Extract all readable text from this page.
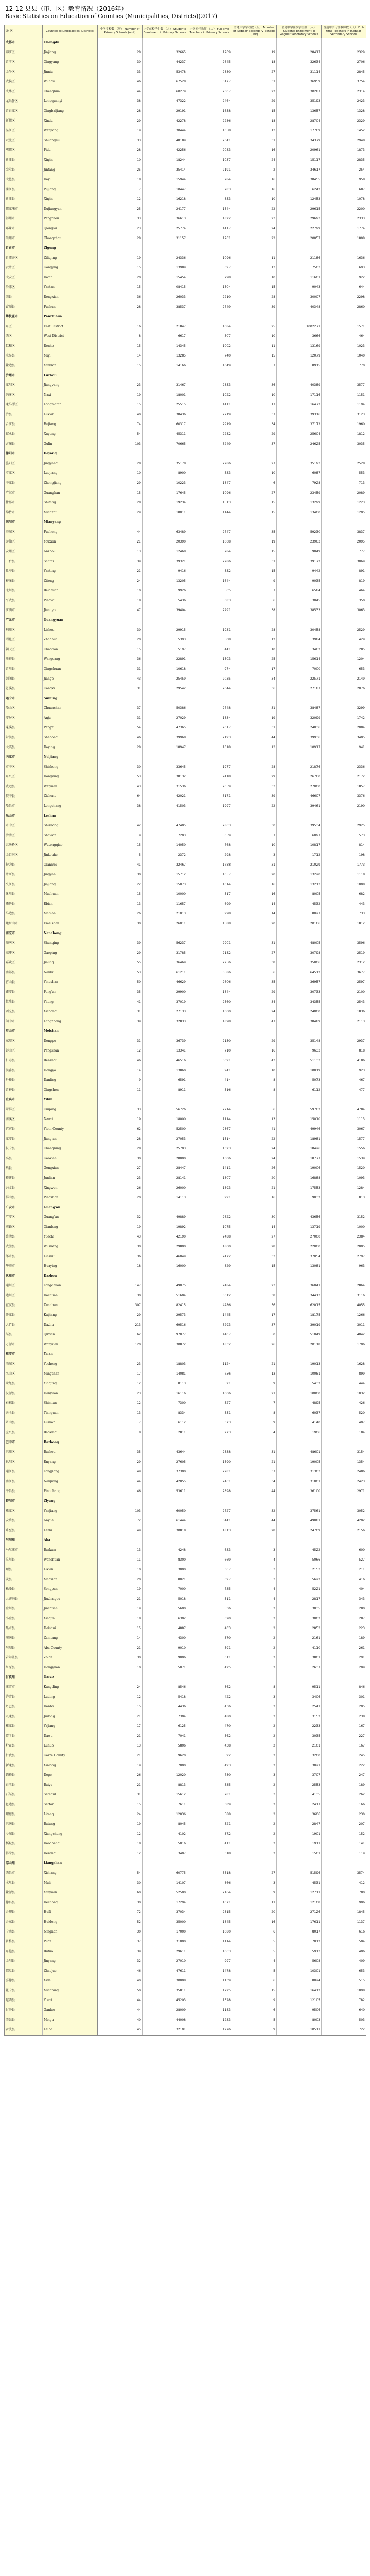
12-12 县县（市、区）教育情况（2016年）
Basic Statistics on Education of Counties (Municipalities, Districts)(2017)
地 区	Counties (Municipalities, Districts)	小学学校数 （所） Number of Primary Schools (unit)	小学在校学生数 （人） Students Enrollment in Primary Schools	小学专任教师 （人） Full-time Teachers in Primary Schools	普通中学学校数（所） Number of Regular Secondary Schools (unit)	普通中学在校学生数 （人） Students Enrollment in Regular Secondary Schools	普通中学专任教师数（人） Full-time Teachers in Regular Secondary Schools
成都市	Chengdu						
锦江区	Jinjiang	28	32665	1769	19	28417	2329
青羊区	Qingyang	30	44237	2645	18	32634	2706
金牛区	Jinniu	33	53478	2880	27	31114	2845
武侯区	Wuhou	46	67528	3177	31	36959	3754
成华区	Chenghua	44	60279	2607	22	30287	2314
龙泉驿区	Longquanyi	38	47322	2464	29	35193	2423
青白江区	Qingbaijiang	28	29191	1658	15	13657	1328
新都区	Xindu	29	42278	2286	18	28704	2329
温江区	Wenjiang	19	30444	1658	13	17769	1452
双流区	Shuangliu	33	48189	2641	31	34379	2948
郫都区	Pidu	28	42256	2083	16	20961	1873
新津县	Xinjin	10	18244	1037	24	15117	2835
金堂县	Jintang	25	35414	2191	2	34617	254
大邑县	Dayi	18	15944	784	16	38455	958
蒲江县	Pujiang	7	10447	783	16	6242	687
新津县	Xinjin	12	16218	853	10	12453	1078
都江堰市	Dujiangyan	25	24177	1544	22	29615	2200
彭州市	Pengzhou	33	36613	1822	23	29693	2333
邛崃市	Qionglai	23	25774	1417	24	22799	1774
崇州市	Chongzhou	28	31157	1761	22	20057	1808
自贡市	Zigong						
自流井区	Ziliujing	19	24336	1096	11	21186	1636
贡井区	Gongjing	15	13989	697	13	7503	693
大安区	Da'an	20	15454	798	10	11601	922
沿滩区	Yantan	15	08415	1504	15	9043	644
荣县	Rongxian	36	26033	2210	28	30007	2298
富顺县	Fushun	28	38537	2749	39	40348	2860
攀枝花市	Panzhihua						
东区	East District	16	21847	1084	25	1002271	1571
西区	West District	8	6617	507	10	3666	464
仁和区	Renhe	15	14345	1002	11	13169	1023
米易县	Miyi	14	13285	740	15	12079	1040
盐边县	Yanbian	15	14166	1049	7	8915	770
泸州市	Luzhou						
江阳区	Jiangyang	23	31467	2353	36	40389	3577
纳溪区	Naxi	19	18001	1022	10	17116	1151
龙马潭区	Longmatan	15	25515	1411	17	16472	1194
泸县	Luxian	40	38436	2719	37	39316	3123
合江县	Hejiang	74	60317	2919	34	37172	1960
叙永县	Xuyong	54	45311	2282	29	25604	1812
古蔺县	Gulin	103	70665	3249	37	24625	3035
德阳市	Deyang						
旌阳区	Jingyang	28	35178	2286	27	35193	2528
罗江区	Luojiang	10	8900	533	10	6087	553
中江县	Zhongjiang	29	10223	1847	6	7928	713
广汉市	Guanghan	15	17645	1096	27	23459	2089
什邡市	Shifang	28	19234	1513	15	13299	1223
绵竹市	Mianzhu	29	18011	1144	15	13400	1205
绵阳市	Mianyang						
涪城区	Fucheng	44	63489	2747	35	59230	3837
游仙区	Youxian	21	20390	1008	19	23963	2095
安州区	Anzhou	13	12468	784	15	9049	777
三台县	Santai	39	39321	2286	31	39172	3069
盐亭县	Yanting	21	9416	832	15	9442	891
梓潼县	Zitong	24	13205	1644	9	9035	819
北川县	Beichuan	10	9926	565	7	6584	464
平武县	Pingwu	18	5436	683	6	3045	350
江油市	Jiangyou	47	39404	2291	38	38533	3063
广元市	Guangyuan						
利州区	Lizhou	30	29915	1931	28	30458	2529
昭化区	Zhaohua	20	5393	508	12	3984	429
朝天区	Chaotian	15	5197	441	10	3462	285
旺苍县	Wangcang	36	22891	1503	25	15614	1204
青川县	Qingchuan	31	10618	974	17	7000	653
剑阁县	Jiange	43	25459	2035	34	22571	2149
苍溪县	Cangxi	31	29542	2044	36	27187	2076
遂宁市	Suining						
船山区	Chuanshan	37	50386	2748	31	38487	3299
安居区	Anju	31	27029	1834	19	32099	1742
蓬溪县	Pengxi	54	47365	2017	31	24036	2084
射洪县	Shehong	46	39968	2193	44	39936	3405
大英县	Daying	28	18947	1018	13	10917	941
内江市	Neijiang						
市中区	Shizhong	30	33645	1977	28	21876	2336
东兴区	Dongxing	53	38132	2418	29	26760	2172
威远县	Weiyuan	43	31536	2059	33	27000	1857
资中县	Zizhong	64	42021	3171	39	46607	3376
隆昌市	Longchang	38	41503	1997	22	39461	2190
乐山市	Leshan						
市中区	Shizhong	42	47405	2863	30	39534	2925
沙湾区	Shawan	9	7203	659	7	6097	573
五通桥区	Wutongqiao	15	14050	768	10	10817	814
金口河区	Jinkouhe	5	2372	298	3	1712	198
犍为县	Qianwei	41	32467	1788	31	21029	1773
井研县	Jingyan	30	15712	1057	20	13220	1118
夹江县	Jiajiang	22	15073	1014	16	13213	1008
沐川县	Muchuan	15	10000	517	16	8005	682
峨边县	Ebian	13	11657	699	14	4532	443
马边县	Mabian	26	21013	998	14	8027	733
峨眉山市	Emeishan	30	26011	1588	20	20166	1812
南充市	Nanchong						
顺庆区	Shunqing	39	56237	2901	31	48005	3596
高坪区	Gaoping	29	31785	2182	27	30798	2519
嘉陵区	Jialing	55	36469	2256	38	35006	2312
南部县	Nanbu	53	61211	3586	56	64512	3677
营山县	Yingshan	50	46629	2606	35	36957	2597
蓬安县	Peng'an	35	29900	1844	29	30733	2100
仪陇县	Yilong	41	37019	2560	34	34355	2543
西充县	Xichong	31	27133	1600	24	24000	1836
阆中市	Langzhong	39	32833	1898	47	38489	2113
眉山市	Meishan						
东坡区	Dongpo	31	36739	2150	29	35148	2937
彭山区	Pengshan	12	13341	710	16	9633	818
仁寿县	Renshou	46	46516	3091	43	51133	4186
洪雅县	Hongya	14	13860	941	10	10019	923
丹棱县	Danling	9	6591	414	8	5073	467
青神县	Qingshen	11	8911	516	8	6112	477
宜宾市	Yibin						
翠屏区	Cuiping	33	56726	2714	56	59762	4784
南溪区	Nanxi	19	18000	1114	13	15010	1113
宜宾县	Yibin County	62	52500	2867	41	49946	3067
江安县	Jiang'an	28	27053	1514	22	18981	1577
长宁县	Changning	28	25703	1323	24	18426	1556
高县	Gaoxian	30	28000	1606	24	18777	1539
珙县	Gongxian	27	28447	1411	26	19006	1520
筠连县	Junlian	23	28141	1307	20	16888	1093
兴文县	Xingwen	26	26000	1393	21	17553	1284
屏山县	Pingshan	20	14113	991	16	9032	813
广安市	Guang'an						
广安区	Guang'an	32	49889	2622	30	43656	3152
前锋区	Qianfeng	19	19892	1075	14	13719	1000
岳池县	Yuechi	43	42190	2488	27	27000	2384
武胜县	Wusheng	30	29800	1800	28	22000	2005
邻水县	Linshui	36	46049	2472	33	37054	2797
华蓥市	Huaying	18	16000	829	15	13081	963
达州市	Dazhou						
通川区	Tongchuan	147	49075	2484	23	36041	2864
达川区	Dachuan	30	51604	3312	38	34413	3116
宣汉县	Xuanhan	307	82415	4286	56	62015	4055
开江县	Kaijiang	29	29573	1445	17	18175	1266
大竹县	Dazhu	213	69516	3293	37	39019	3011
渠县	Quxian	62	97077	4407	50	51049	4042
万源市	Wanyuan	120	30872	1832	26	20118	1706
雅安市	Ya'an						
雨城区	Yucheng	23	18803	1124	21	19013	1628
名山区	Mingshan	17	14081	756	13	10081	899
荥经县	Yingjing	12	8113	521	9	5432	444
汉源县	Hanyuan	23	16116	1006	21	10000	1032
石棉县	Shimian	12	7300	527	7	4895	426
天全县	Tianquan	13	8334	551	8	6037	520
芦山县	Lushan	7	6112	373	9	4140	407
宝兴县	Baoxing	8	2811	273	4	1906	184
巴中市	Bazhong						
巴州区	Bazhou	35	43644	2338	31	48601	3154
恩阳区	Enyang	29	27605	1590	21	19005	1354
通江县	Tongjiang	49	37300	2281	37	31303	2486
南江县	Nanjiang	44	42055	2461	34	31001	2423
平昌县	Pingchang	46	53611	2898	44	36100	2971
资阳市	Ziyang						
雁江区	Yanjiang	103	60050	2727	32	37561	3052
安岳县	Anyue	72	61444	3441	44	49081	4202
乐至县	Lezhi	49	30818	1813	28	24709	2156
阿坝州	Aba						
马尔康市	Barkam	13	4248	633	3	4522	600
汶川县	Wenchuan	11	8300	669	4	5066	527
理县	Lixian	10	3000	367	3	2153	211
茂县	Maoxian	20	8021	697	3	5622	416
松潘县	Songpan	19	7000	735	4	5221	404
九寨沟县	Jiuzhaigou	21	5018	511	4	2817	343
金川县	Jinchuan	19	5600	536	2	3035	280
小金县	Xiaojin	18	6302	620	2	3002	287
黑水县	Heishui	15	4887	403	2	2853	223
壤塘县	Zamtang	14	4300	370	2	2161	189
阿坝县	Aba County	21	9010	591	2	4110	261
若尔盖县	Zoige	30	9006	611	2	3801	291
红原县	Hongyuan	10	5071	425	2	2637	209
甘孜州	Garze						
康定市	Kangding	24	8546	862	8	9511	846
泸定县	Luding	12	5418	422	3	3406	301
丹巴县	Danba	15	4436	436	2	2541	205
九龙县	Jiulong	21	7304	480	2	3152	238
雅江县	Yajiang	17	6125	470	2	2233	167
道孚县	Dawu	21	7041	562	2	3035	227
炉霍县	Luhuo	13	5806	438	2	2101	167
甘孜县	Garze County	21	9620	592	2	3200	245
新龙县	Xinlong	19	7000	493	2	3021	222
德格县	Dege	26	12020	780	3	3707	247
白玉县	Baiyu	21	8813	535	2	2553	189
石渠县	Sershul	31	15612	781	3	4135	262
色达县	Sertar	15	7611	389	2	2417	166
理塘县	Litang	24	12036	588	2	3606	230
巴塘县	Batang	19	8045	521	2	2847	207
乡城县	Xiangcheng	12	4102	372	2	1901	152
稻城县	Daocheng	18	5016	411	2	1911	141
得荣县	Derong	12	3407	318	2	1501	119
凉山州	Liangshan						
西昌市	Xichang	54	60775	3518	27	51596	3574
木里县	Muli	30	14107	866	3	4531	412
盐源县	Yanyuan	60	52500	2164	9	12711	780
德昌县	Dechang	30	17294	1071	11	12108	906
会理县	Huili	72	37034	2315	20	27126	1845
会东县	Huidong	52	35000	1845	16	17611	1137
宁南县	Ningnan	30	17000	1080	6	8017	616
普格县	Puge	37	31000	1114	5	7012	504
布拖县	Butuo	39	29611	1063	5	5913	406
金阳县	Jinyang	32	27010	997	4	5608	409
昭觉县	Zhaojue	46	47611	1478	5	10301	653
喜德县	Xide	40	30008	1139	6	8024	515
冕宁县	Mianning	50	35811	1725	15	16412	1098
越西县	Yuexi	44	45203	1528	9	12105	782
甘洛县	Ganluo	44	28009	1183	6	9506	640
美姑县	Meigu	40	44008	1233	5	8003	503
雷波县	Leibo	45	32101	1276	9	10511	722
